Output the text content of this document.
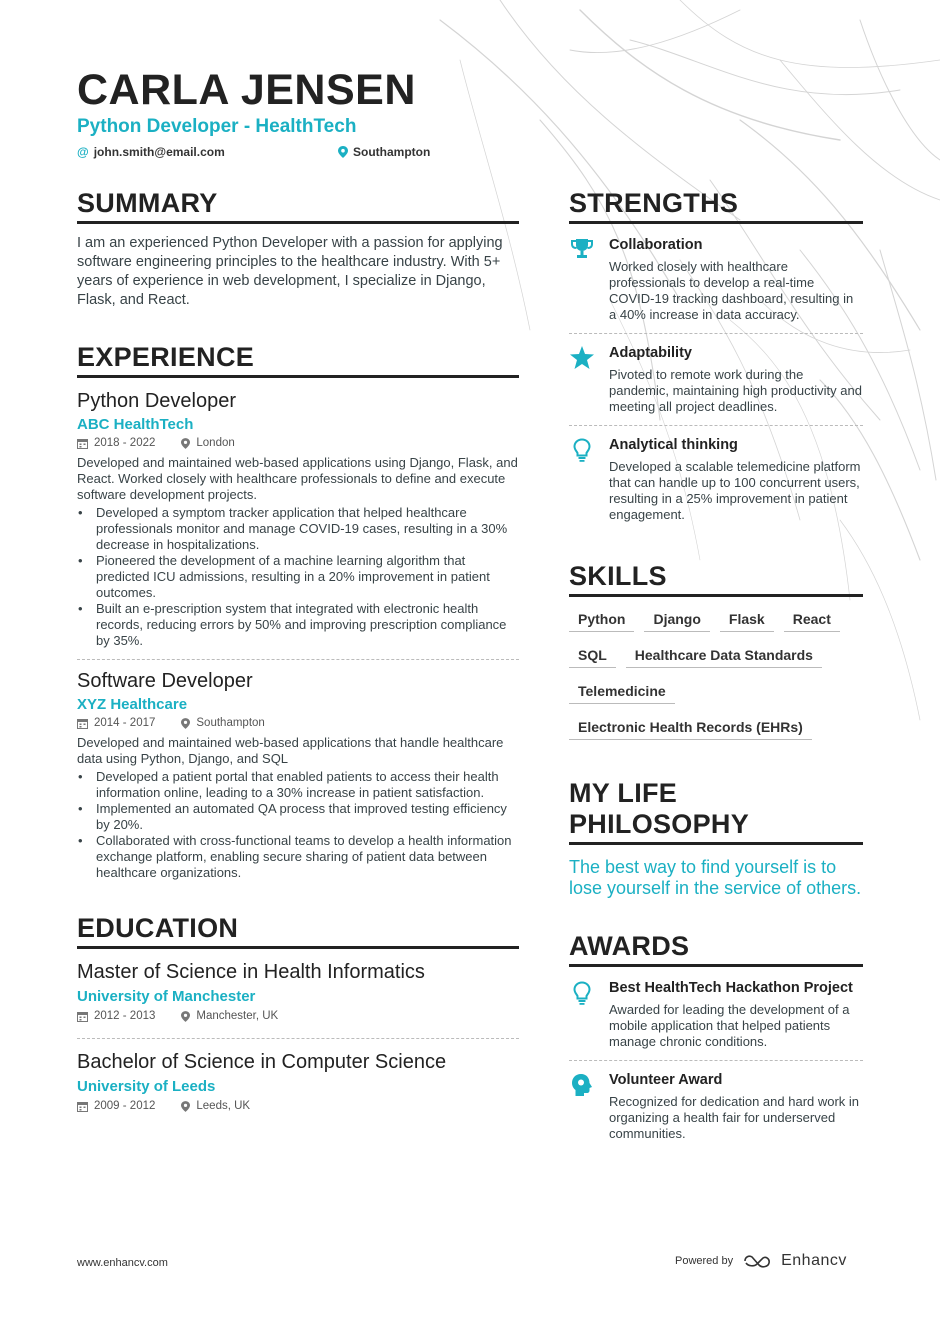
CARLA JENSEN
Python Developer - HealthTech
@ john.smith@email.com	Southampton
SUMMARY

I am an experienced Python Developer with a passion for applying software engineering principles to the healthcare industry. With 5+ years of experience in web development, I specialize in Django, Flask, and React.

EXPERIENCE
Python Developer
ABC HealthTech
2018 - 2022	London

Developed and maintained web-based applications using Django, Flask, and React. Worked closely with healthcare professionals to define and execute software development projects.

• Developed a symptom tracker application that helped healthcare professionals monitor and manage COVID-19 cases, resulting in a 30% decrease in hospitalizations.
• Pioneered the development of a machine learning algorithm that predicted ICU admissions, resulting in a 20% improvement in patient outcomes.
• Built an e-prescription system that integrated with electronic health records, reducing errors by 50% and improving prescription compliance by 35%.
Software Developer
XYZ Healthcare
2014 - 2017	Southampton

Developed and maintained web-based applications that handle healthcare data using Python, Django, and SQL

• Developed a patient portal that enabled patients to access their health information online, leading to a 30% increase in patient satisfaction.
• Implemented an automated QA process that improved testing efficiency by 20%.
• Collaborated with cross-functional teams to develop a health information exchange platform, enabling secure sharing of patient data between healthcare organizations.
EDUCATION
Master of Science in Health Informatics
University of Manchester
2012 - 2013	Manchester, UK
Bachelor of Science in Computer Science
University of Leeds
2009 - 2012	Leeds, UK
STRENGTHS
Collaboration
Worked closely with healthcare professionals to develop a real-time COVID-19 tracking dashboard, resulting in a 40% increase in data accuracy.
Adaptability
Pivoted to remote work during the pandemic, maintaining high productivity and meeting all project deadlines.
Analytical thinking
Developed a scalable telemedicine platform that can handle up to 100 concurrent users, resulting in a 25% improvement in patient engagement.
SKILLS
Python	Django	Flask	React
SQL	Healthcare Data Standards
Telemedicine
Electronic Health Records (EHRs)
MY LIFE PHILOSOPHY

The best way to find yourself is to lose yourself in the service of others.

AWARDS
Best HealthTech Hackathon Project
Awarded for leading the development of a mobile application that helped patients manage chronic conditions.
Volunteer Award
Recognized for dedication and hard work in organizing a health fair for underserved communities.
www.enhancv.com	Powered by	Enhancv
